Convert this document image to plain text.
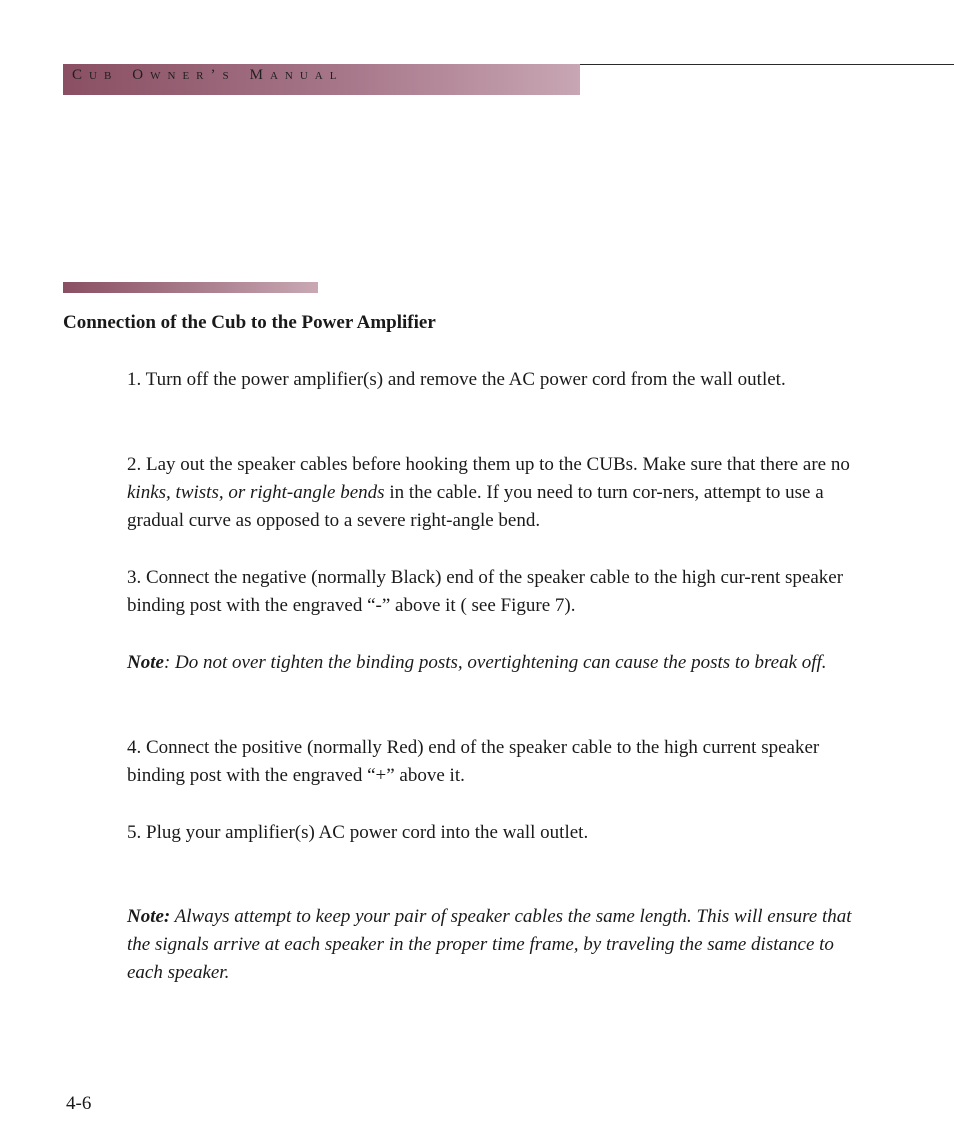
Cub Owner’s Manual
Connection of the Cub to the Power Amplifier

1. Turn off the power amplifier(s) and remove the AC power cord from the wall outlet.

2. Lay out the speaker cables before hooking them up to the CUBs. Make sure that there are no kinks, twists, or right-angle bends in the cable. If you need to turn cor-ners, attempt to use a gradual curve as opposed to a severe right-angle bend.

3. Connect the negative (normally Black) end of the speaker cable to the high cur-rent speaker binding post with the engraved “-” above it ( see Figure 7).

Note: Do not over tighten the binding posts, overtightening can cause the posts to break off.

4. Connect the positive (normally Red) end of the speaker cable to the high current speaker binding post with the engraved “+” above it.

5. Plug your amplifier(s) AC power cord into the wall outlet.

Note: Always attempt to keep your pair of speaker cables the same length. This will ensure that the signals arrive at each speaker in the proper time frame, by traveling the same distance to each speaker.

4-6
